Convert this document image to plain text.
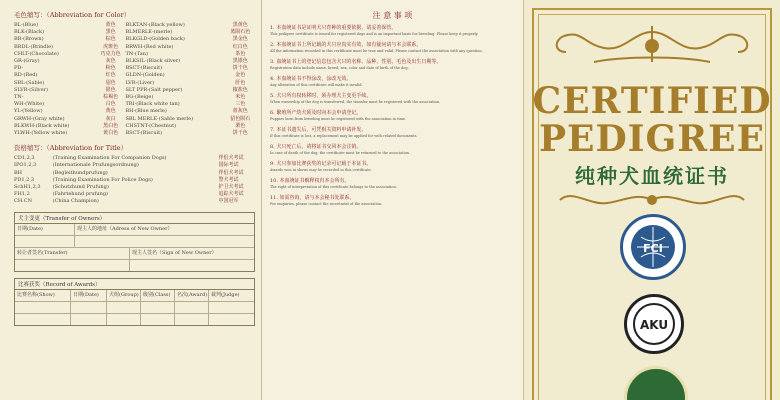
毛色缩写：（Abbreviation for Color）
BL-(Blue)	蓝色	BLKTAN-(Black yellow)	黑黄色
BLK-(Black)	黑色	BLMERLE-(merle)	蓝陨石色
BR-(Brown)	棕色	BLKGLD-(Golden back)	黑金色
BRDL-(Brindle)	虎斑色	BRWH-(Red white)	红白色
CHLT-(Chocolate)	巧克力色	TN-(Tan)	茶色
GR-(Gray)	灰色	BLKSIL-(Black silver)	黑银色
PD-	粉色	BSCT-(Biscuit)	饼干色
RD-(Red)	红色	GLDN-(Golden)	金色
SBL-(Sable)	貂色	LVR-(Liver)	肝色
SLVR-(Silver)	银色	SLT PPR-(Salt pepper)	椒盐色
TN-	棕褐色	BG-(Beige)	米色
WH-(White)	白色	TRI-(Black white tan)	三色
YL-(Yellow)	黄色	BH-(Blue merle)	蓝灰色
GRWH-(Gray white)	灰白	SBL MERLE-(Sable merle)	貂色陨石
BLKWH-(Black white)	黑白色	CHSTNT-(Chestnut)	栗色
YLWH-(Yellow white)	黄白色	BSCT-(Biscuit)	饼干色
资格缩写：（Abbreviation for Title）
CD1,2,3	(Training Examination For Companion Dogs)	伴侣犬考试
IPO1,2,3	(Internationale Prufungsordnung)	国际考试
BH	(Begleithundprufung)	伴侣犬考试
PD1,2,3	(Training Examination For Police Dogs)	警犬考试
SchH1,2,3	(Schutzhund Prufung)	护卫犬考试
FH1,2	(Fahrtehund prufung)	追踪犬考试
CH.CN	(China Champion)	中国冠军
犬主变更（Transfer of Owners）
日期(Date)	现主人的地址（Adress of New Owner）
转让者签名(Transfer)	现主人签名（Sign of New Owner）
比赛获奖（Record of Awards）
比赛名称(Show)	日期(Date)	犬组(Group) 级别(Class)	名次(Award) 裁判(Judge)
注 意 事 项
1. 本血统证书是证明犬只育种的重要依据，请妥善保管。
This pedigree certificate is issued for registered dogs and is an important basis for breeding. Please keep it properly.
2. 本血统证书上所记载的犬只应真实有效，如有疑问请与本会联系。
All the information recorded in this certificate must be true and valid. Please contact the association with any question.
3. 血统证书上的登记信息包含犬只的名称、品种、性别、毛色及出生日期等。
Registration data include name, breed, sex, color and date of birth of the dog.
4. 本血统证书不得涂改，涂改无效。
Any alteration of this certificate will make it invalid.
5. 犬只所有权转移时，须办理犬主变更手续。
When ownership of the dog is transferred, the transfer must be registered with the association.
6. 繁殖所产幼犬须及时向本会申请登记。
Puppies born from breeding must be registered with the association in time.
7. 本证书遗失后，可凭相关资料申请补发。
If this certificate is lost, a replacement may be applied for with related documents.
8. 犬只死亡后，请将证书交回本会注销。
In case of death of the dog, the certificate must be returned to the association.
9. 犬只参加比赛获奖的记录可记载于本证书。
Awards won in shows may be recorded in this certificate.
10. 本血统证书解释权归本会所有。
The right of interpretation of this certificate belongs to the association.
11. 如需咨询，请与本会秘书处联系。
For enquiries, please contact the secretariat of the association.
CERTIFIED
PEDIGREE
纯种犬血统证书
FCI
AKU
